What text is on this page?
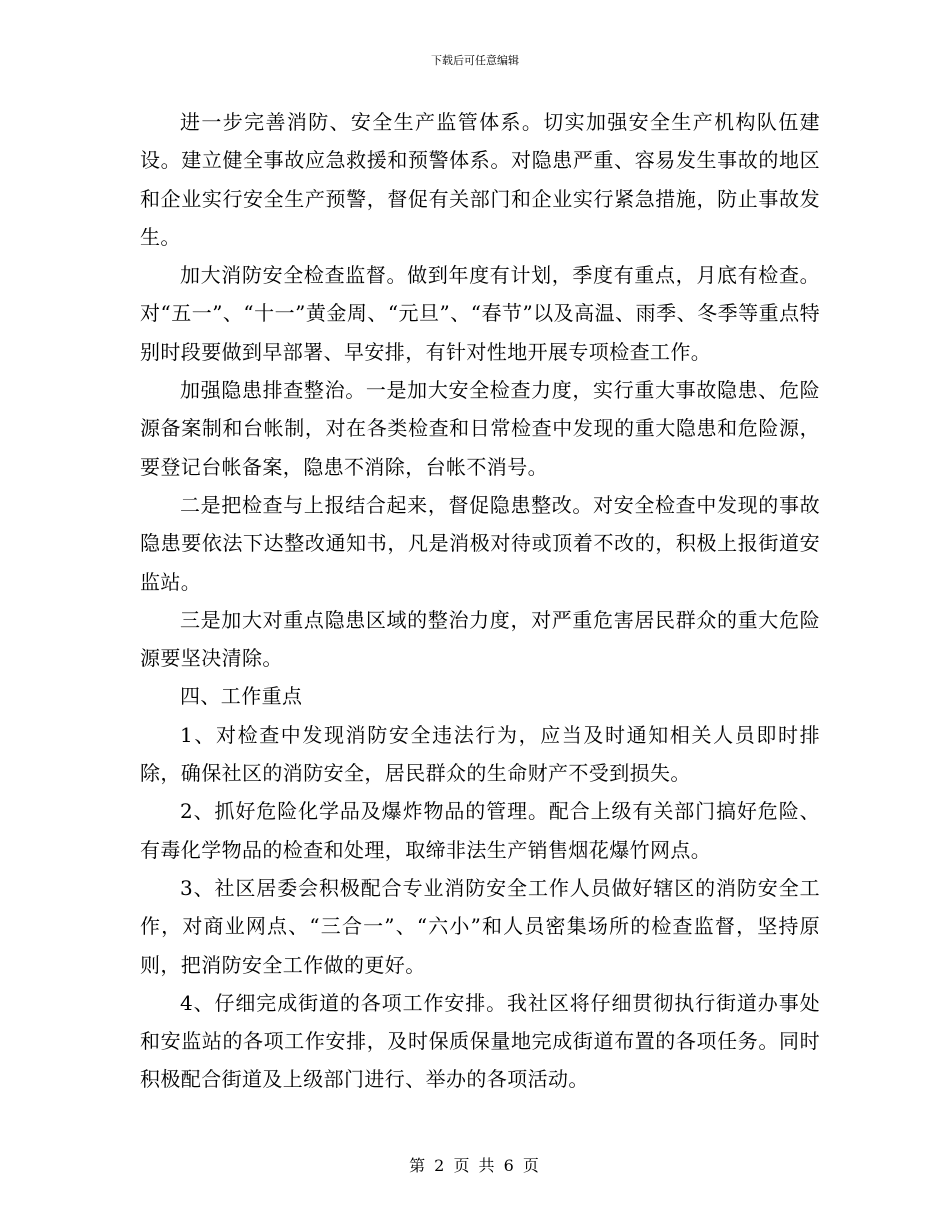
下载后可任意编辑

进一步完善消防、安全生产监管体系。切实加强安全生产机构队伍建设。建立健全事故应急救援和预警体系。对隐患严重、容易发生事故的地区和企业实行安全生产预警，督促有关部门和企业实行紧急措施，防止事故发生。

加大消防安全检查监督。做到年度有计划，季度有重点，月底有检查。对“五一”、“十一”黄金周、“元旦”、“春节”以及高温、雨季、冬季等重点特别时段要做到早部署、早安排，有针对性地开展专项检查工作。

加强隐患排查整治。一是加大安全检查力度，实行重大事故隐患、危险源备案制和台帐制，对在各类检查和日常检查中发现的重大隐患和危险源，要登记台帐备案，隐患不消除，台帐不消号。

二是把检查与上报结合起来，督促隐患整改。对安全检查中发现的事故隐患要依法下达整改通知书，凡是消极对待或顶着不改的，积极上报街道安监站。

三是加大对重点隐患区域的整治力度，对严重危害居民群众的重大危险源要坚决清除。

四、工作重点

1、对检查中发现消防安全违法行为，应当及时通知相关人员即时排除，确保社区的消防安全，居民群众的生命财产不受到损失。

2、抓好危险化学品及爆炸物品的管理。配合上级有关部门搞好危险、有毒化学物品的检查和处理，取缔非法生产销售烟花爆竹网点。

3、社区居委会积极配合专业消防安全工作人员做好辖区的消防安全工作，对商业网点、“三合一”、“六小”和人员密集场所的检查监督，坚持原则，把消防安全工作做的更好。

4、仔细完成街道的各项工作安排。我社区将仔细贯彻执行街道办事处和安监站的各项工作安排，及时保质保量地完成街道布置的各项任务。同时积极配合街道及上级部门进行、举办的各项活动。

第 2 页 共 6 页
